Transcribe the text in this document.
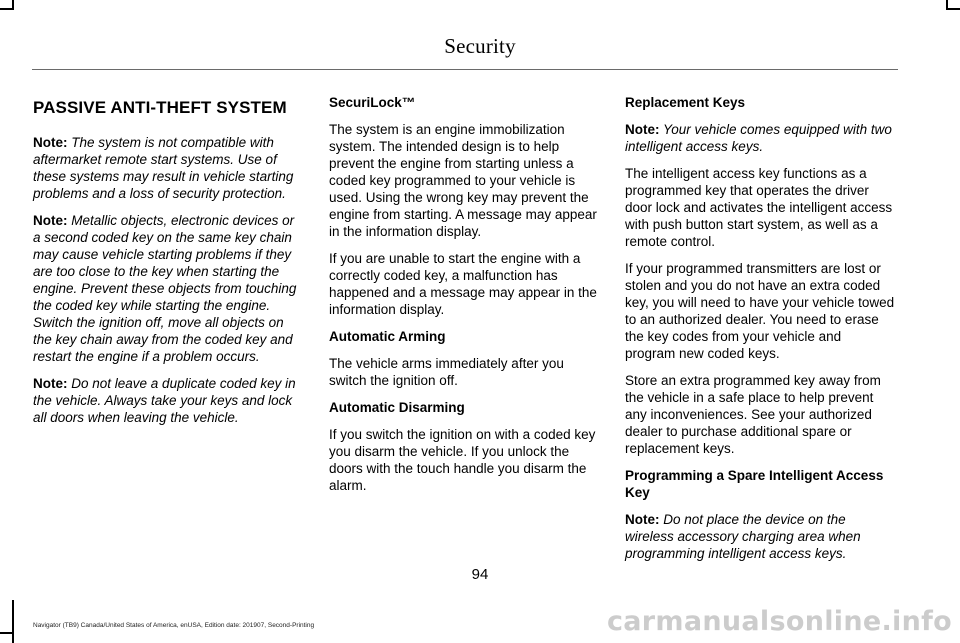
Security
PASSIVE ANTI-THEFT SYSTEM

Note: The system is not compatible with aftermarket remote start systems. Use of these systems may result in vehicle starting problems and a loss of security protection.

Note: Metallic objects, electronic devices or a second coded key on the same key chain may cause vehicle starting problems if they are too close to the key when starting the engine. Prevent these objects from touching the coded key while starting the engine. Switch the ignition off, move all objects on the key chain away from the coded key and restart the engine if a problem occurs.

Note: Do not leave a duplicate coded key in the vehicle. Always take your keys and lock all doors when leaving the vehicle.

SecuriLock™

The system is an engine immobilization system. The intended design is to help prevent the engine from starting unless a coded key programmed to your vehicle is used. Using the wrong key may prevent the engine from starting. A message may appear in the information display.

If you are unable to start the engine with a correctly coded key, a malfunction has happened and a message may appear in the information display.

Automatic Arming

The vehicle arms immediately after you switch the ignition off.

Automatic Disarming

If you switch the ignition on with a coded key you disarm the vehicle. If you unlock the doors with the touch handle you disarm the alarm.

Replacement Keys

Note: Your vehicle comes equipped with two intelligent access keys.

The intelligent access key functions as a programmed key that operates the driver door lock and activates the intelligent access with push button start system, as well as a remote control.

If your programmed transmitters are lost or stolen and you do not have an extra coded key, you will need to have your vehicle towed to an authorized dealer. You need to erase the key codes from your vehicle and program new coded keys.

Store an extra programmed key away from the vehicle in a safe place to help prevent any inconveniences. See your authorized dealer to purchase additional spare or replacement keys.

Programming a Spare Intelligent Access Key

Note: Do not place the device on the wireless accessory charging area when programming intelligent access keys.

94
Navigator (TB9) Canada/United States of America, enUSA, Edition date: 201907, Second-Printing	carmanualsonline.info
